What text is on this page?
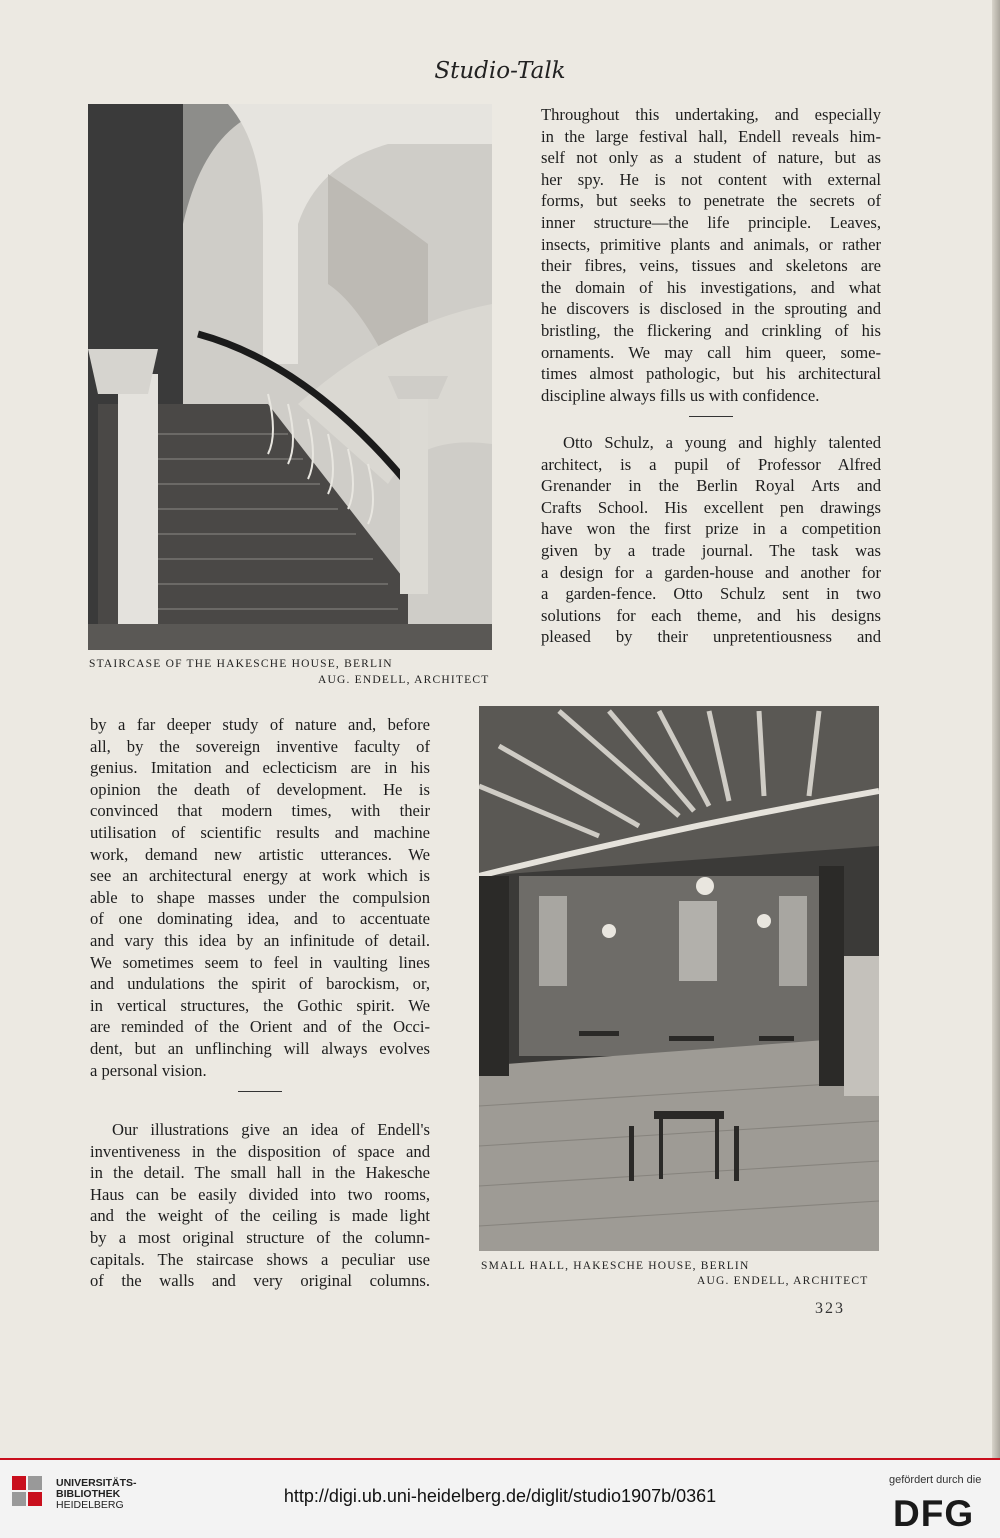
Studio-Talk
STAIRCASE OF THE HAKESCHE HOUSE, BERLIN
AUG. ENDELL, ARCHITECT

Throughout this undertaking, and especially

in the large festival hall, Endell reveals him-

self not only as a student of nature, but as

her spy. He is not content with external

forms, but seeks to penetrate the secrets of

inner structure—the life principle. Leaves,

insects, primitive plants and animals, or rather

their fibres, veins, tissues and skeletons are

the domain of his investigations, and what

he discovers is disclosed in the sprouting and

bristling, the flickering and crinkling of his

ornaments. We may call him queer, some-

times almost pathologic, but his architectural

discipline always fills us with confidence.

Otto Schulz, a young and highly talented

architect, is a pupil of Professor Alfred

Grenander in the Berlin Royal Arts and

Crafts School. His excellent pen drawings

have won the first prize in a competition

given by a trade journal. The task was

a design for a garden-house and another for

a garden-fence. Otto Schulz sent in two

solutions for each theme, and his designs

pleased by their unpretentiousness and

by a far deeper study of nature and, before

all, by the sovereign inventive faculty of

genius. Imitation and eclecticism are in his

opinion the death of development. He is

convinced that modern times, with their

utilisation of scientific results and machine

work, demand new artistic utterances. We

see an architectural energy at work which is

able to shape masses under the compulsion

of one dominating idea, and to accentuate

and vary this idea by an infinitude of detail.

We sometimes seem to feel in vaulting lines

and undulations the spirit of barockism, or,

in vertical structures, the Gothic spirit. We

are reminded of the Orient and of the Occi-

dent, but an unflinching will always evolves

a personal vision.

Our illustrations give an idea of Endell's

inventiveness in the disposition of space and

in the detail. The small hall in the Hakesche

Haus can be easily divided into two rooms,

and the weight of the ceiling is made light

by a most original structure of the column-

capitals. The staircase shows a peculiar use

of the walls and very original columns.

SMALL HALL, HAKESCHE HOUSE, BERLIN
AUG. ENDELL, ARCHITECT
323
UNIVERSITÄTS-
BIBLIOTHEK
HEIDELBERG	http://digi.ub.uni-heidelberg.de/diglit/studio1907b/0361
gefördert durch die
DFG
